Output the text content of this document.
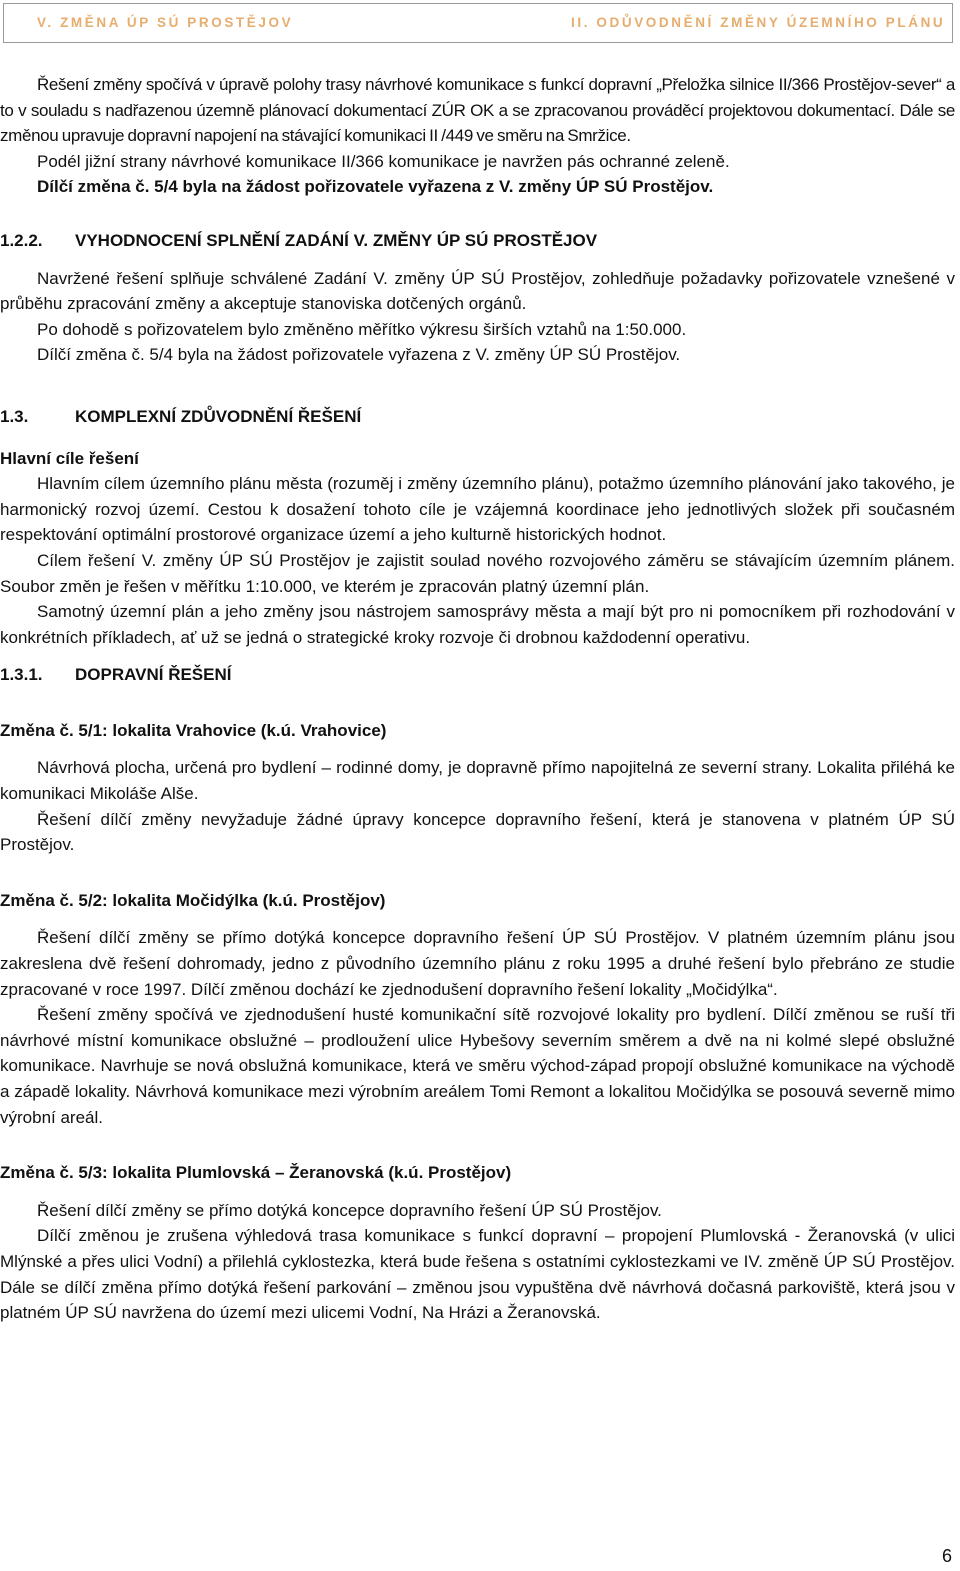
V. ZMĚNA ÚP SÚ PROSTĚJOV	II. ODŮVODNĚNÍ ZMĚNY ÚZEMNÍHO PLÁNU

Řešení změny spočívá v úpravě polohy trasy návrhové komunikace s funkcí dopravní „Přeložka silnice II/366 Prostějov-sever“ a to v souladu s nadřazenou územně plánovací dokumentací ZÚR OK a se zpracovanou prováděcí projektovou dokumentací. Dále se změnou upravuje dopravní napojení na stávající komunikaci II /449 ve směru na Smržice.

Podél jižní strany návrhové komunikace II/366 komunikace je navržen pás ochranné zeleně.

Dílčí změna č. 5/4 byla na žádost pořizovatele vyřazena z V. změny ÚP SÚ Prostějov.

1.2.2.	VYHODNOCENÍ SPLNĚNÍ ZADÁNÍ V. ZMĚNY ÚP SÚ PROSTĚJOV

Navržené řešení splňuje schválené Zadání V. změny ÚP SÚ Prostějov, zohledňuje požadavky pořizovatele vznešené v průběhu zpracování změny a akceptuje stanoviska dotčených orgánů.

Po dohodě s pořizovatelem bylo změněno měřítko výkresu širších vztahů na 1:50.000.

Dílčí změna č. 5/4 byla na žádost pořizovatele vyřazena z V. změny ÚP SÚ Prostějov.

1.3.	KOMPLEXNÍ ZDŮVODNĚNÍ ŘEŠENÍ

Hlavní cíle řešení

Hlavním cílem územního plánu města (rozuměj i změny územního plánu), potažmo územního plánování jako takového, je harmonický rozvoj území. Cestou k dosažení tohoto cíle je vzájemná koordinace jeho jednotlivých složek při současném respektování optimální prostorové organizace území a jeho kulturně historických hodnot.

Cílem řešení V. změny ÚP SÚ Prostějov je zajistit soulad nového rozvojového záměru se stávajícím územním plánem. Soubor změn je řešen v měřítku 1:10.000, ve kterém je zpracován platný územní plán.

Samotný územní plán a jeho změny jsou nástrojem samosprávy města a mají být pro ni pomocníkem při rozhodování v konkrétních příkladech, ať už se jedná o strategické kroky rozvoje či drobnou každodenní operativu.

1.3.1.	DOPRAVNÍ ŘEŠENÍ

Změna č. 5/1: lokalita Vrahovice (k.ú. Vrahovice)

Návrhová plocha, určená pro bydlení – rodinné domy, je dopravně přímo napojitelná ze severní strany. Lokalita přiléhá ke komunikaci Mikoláše Alše.

Řešení dílčí změny nevyžaduje žádné úpravy koncepce dopravního řešení, která je stanovena v platném ÚP SÚ Prostějov.

Změna č. 5/2: lokalita Močidýlka (k.ú. Prostějov)

Řešení dílčí změny se přímo dotýká koncepce dopravního řešení ÚP SÚ Prostějov. V platném územním plánu jsou zakreslena dvě řešení dohromady, jedno z původního územního plánu z roku 1995 a druhé řešení bylo přebráno ze studie zpracované v roce 1997. Dílčí změnou dochází ke zjednodušení dopravního řešení lokality „Močidýlka“.

Řešení změny spočívá ve zjednodušení husté komunikační sítě rozvojové lokality pro bydlení. Dílčí změnou se ruší tři návrhové místní komunikace obslužné – prodloužení ulice Hybešovy severním směrem a dvě na ni kolmé slepé obslužné komunikace. Navrhuje se nová obslužná komunikace, která ve směru východ-západ propojí obslužné komunikace na východě a západě lokality. Návrhová komunikace mezi výrobním areálem Tomi Remont a lokalitou Močidýlka se posouvá severně mimo výrobní areál.

Změna č. 5/3: lokalita Plumlovská – Žeranovská (k.ú. Prostějov)

Řešení dílčí změny se přímo dotýká koncepce dopravního řešení ÚP SÚ Prostějov.

Dílčí změnou je zrušena výhledová trasa komunikace s funkcí dopravní – propojení Plumlovská - Žeranovská (v ulici Mlýnské a přes ulici Vodní) a přilehlá cyklostezka, která bude řešena s ostatními cyklostezkami ve IV. změně ÚP SÚ Prostějov. Dále se dílčí změna přímo dotýká řešení parkování – změnou jsou vypuštěna dvě návrhová dočasná parkoviště, která jsou v platném ÚP SÚ navržena do území mezi ulicemi Vodní, Na Hrázi a Žeranovská.

6
